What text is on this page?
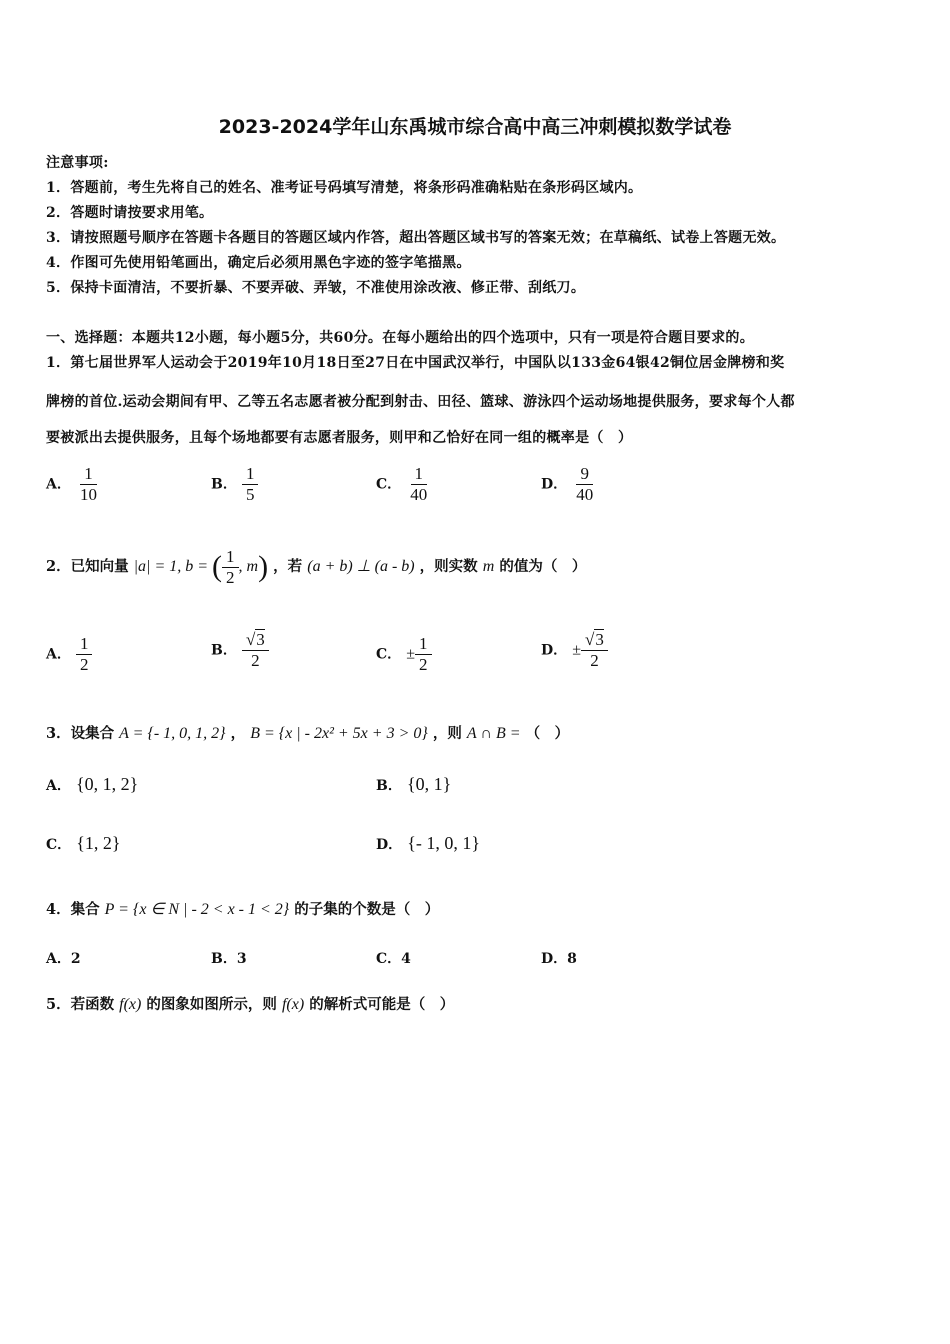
2023-2024学年山东禹城市综合高中高三冲刺模拟数学试卷
注意事项:
1．答题前，考生先将自己的姓名、准考证号码填写清楚，将条形码准确粘贴在条形码区域内。
2．答题时请按要求用笔。
3．请按照题号顺序在答题卡各题目的答题区域内作答，超出答题区域书写的答案无效；在草稿纸、试卷上答题无效。
4．作图可先使用铅笔画出，确定后必须用黑色字迹的签字笔描黑。
5．保持卡面清洁，不要折暴、不要弄破、弄皱，不准使用涂改液、修正带、刮纸刀。
一、选择题：本题共12小题，每小题5分，共60分。在每小题给出的四个选项中，只有一项是符合题目要求的。
1．第七届世界军人运动会于2019年10月18日至27日在中国武汉举行，中国队以133金64银42铜位居金牌榜和奖
牌榜的首位.运动会期间有甲、乙等五名志愿者被分配到射击、田径、篮球、游泳四个运动场地提供服务，要求每个人都
要被派出去提供服务，且每个场地都要有志愿者服务，则甲和乙恰好在同一组的概率是（　）
A． $\frac{1}{10}$	B． $\frac{1}{5}$	C． $\frac{1}{40}$	D． $\frac{9}{40}$
2．已知向量 |a| = 1, b = ( $\frac{1}{2}$ , m) ，若 (a + b) ⊥ (a - b) ，则实数 m 的值为（　）
A． $\frac{1}{2}$	B． $\frac{√3}{2}$	C． ± $\frac{1}{2}$	D． ± $\frac{√3}{2}$
3．设集合 A = {- 1, 0, 1, 2} ， B = {x | - 2x² + 5x + 3 > 0} ，则 A ∩ B = （　）
A． {0, 1, 2}	B． {0, 1}
C． {1, 2}	D． {- 1, 0, 1}
4．集合 P = {x ∈ N | - 2 < x - 1 < 2} 的子集的个数是（　）
A．2	B．3	C．4	D．8
5．若函数 f(x) 的图象如图所示，则 f(x) 的解析式可能是（　）
